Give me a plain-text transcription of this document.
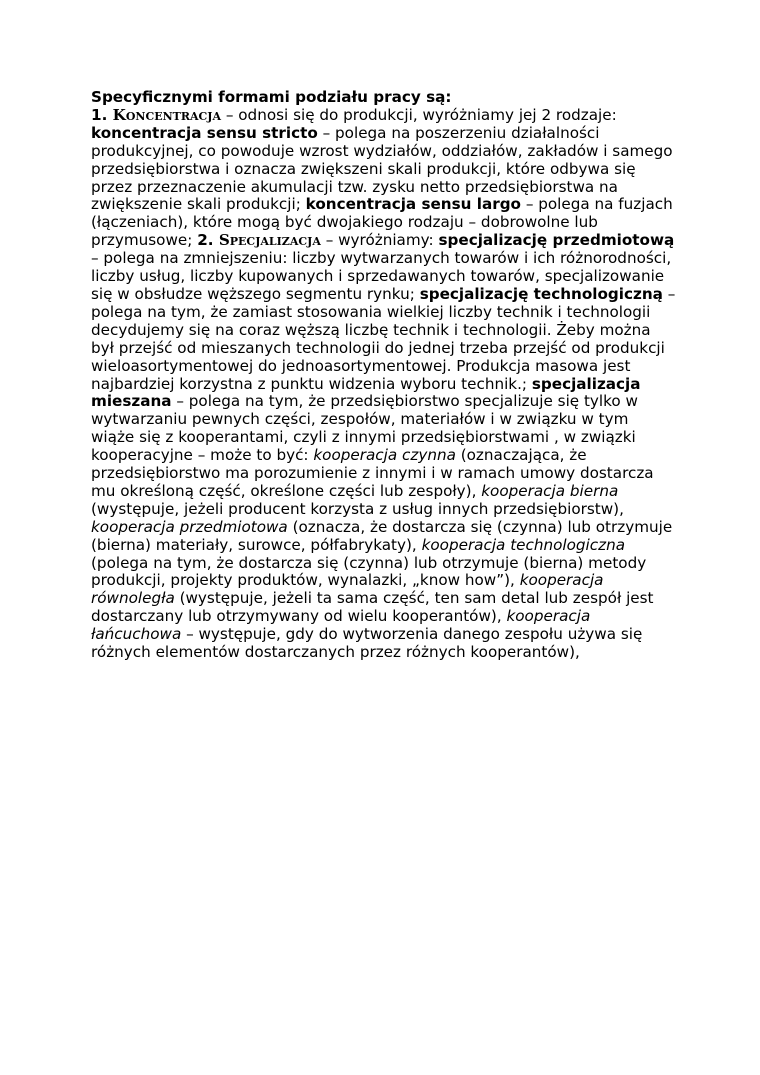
Specyficznymi formami podziału pracy są:

1. Koncentracja – odnosi się do produkcji, wyróżniamy jej 2 rodzaje: koncentracja sensu stricto – polega na poszerzeniu działalności produkcyjnej, co powoduje wzrost wydziałów, oddziałów, zakładów i samego przedsiębiorstwa i oznacza zwiększeni skali produkcji, które odbywa się przez przeznaczenie akumulacji tzw. zysku netto przedsiębiorstwa na zwiększenie skali produkcji; koncentracja sensu largo – polega na fuzjach (łączeniach), które mogą być dwojakiego rodzaju – dobrowolne lub przymusowe; 2. Specjalizacja – wyróżniamy: specjalizację przedmiotową – polega na zmniejszeniu: liczby wytwarzanych towarów i ich różnorodności, liczby usług, liczby kupowanych i sprzedawanych towarów, specjalizowanie się w obsłudze węższego segmentu rynku; specjalizację technologiczną – polega na tym, że zamiast stosowania wielkiej liczby technik i technologii decydujemy się na coraz węższą liczbę technik i technologii. Żeby można był przejść od mieszanych technologii do jednej trzeba przejść od produkcji wieloasortymentowej do jednoasortymentowej. Produkcja masowa jest najbardziej korzystna z punktu widzenia wyboru technik.; specjalizacja mieszana – polega na tym, że przedsiębiorstwo specjalizuje się tylko w wytwarzaniu pewnych części, zespołów, materiałów i w związku w tym wiąże się z kooperantami, czyli z innymi przedsiębiorstwami , w związki kooperacyjne – może to być: kooperacja czynna (oznaczająca, że przedsiębiorstwo ma porozumienie z innymi i w ramach umowy dostarcza mu określoną część, określone części lub zespoły), kooperacja bierna (występuje, jeżeli producent korzysta z usług innych przedsiębiorstw), kooperacja przedmiotowa (oznacza, że dostarcza się (czynna) lub otrzymuje (bierna) materiały, surowce, półfabrykaty), kooperacja technologiczna (polega na tym, że dostarcza się (czynna) lub otrzymuje (bierna) metody produkcji, projekty produktów, wynalazki, „know how”), kooperacja równoległa (występuje, jeżeli ta sama część, ten sam detal lub zespół jest dostarczany lub otrzymywany od wielu kooperantów), kooperacja łańcuchowa – występuje, gdy do wytworzenia danego zespołu używa się różnych elementów dostarczanych przez różnych kooperantów),
